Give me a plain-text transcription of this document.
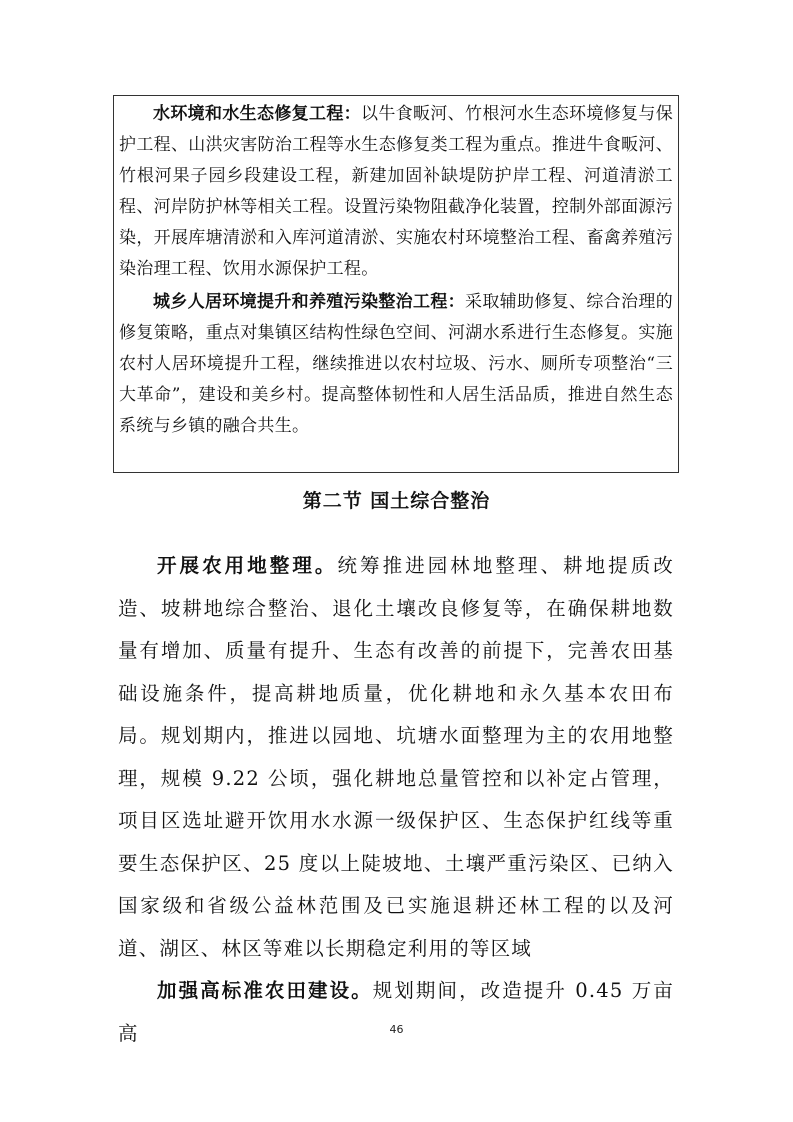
水环境和水生态修复工程：以牛食畈河、竹根河水生态环境修复与保护工程、山洪灾害防治工程等水生态修复类工程为重点。推进牛食畈河、竹根河果子园乡段建设工程，新建加固补缺堤防护岸工程、河道清淤工程、河岸防护林等相关工程。设置污染物阻截净化装置，控制外部面源污染，开展库塘清淤和入库河道清淤、实施农村环境整治工程、畜禽养殖污染治理工程、饮用水源保护工程。

城乡人居环境提升和养殖污染整治工程：采取辅助修复、综合治理的修复策略，重点对集镇区结构性绿色空间、河湖水系进行生态修复。实施农村人居环境提升工程，继续推进以农村垃圾、污水、厕所专项整治“三大革命”，建设和美乡村。提高整体韧性和人居生活品质，推进自然生态系统与乡镇的融合共生。

第二节 国土综合整治

开展农用地整理。统筹推进园林地整理、耕地提质改造、坡耕地综合整治、退化土壤改良修复等，在确保耕地数量有增加、质量有提升、生态有改善的前提下，完善农田基础设施条件，提高耕地质量，优化耕地和永久基本农田布局。规划期内，推进以园地、坑塘水面整理为主的农用地整理，规模 9.22 公顷，强化耕地总量管控和以补定占管理，项目区选址避开饮用水水源一级保护区、生态保护红线等重要生态保护区、25 度以上陡坡地、土壤严重污染区、已纳入国家级和省级公益林范围及已实施退耕还林工程的以及河道、湖区、林区等难以长期稳定利用的等区域

加强高标准农田建设。规划期间，改造提升 0.45 万亩高	46
